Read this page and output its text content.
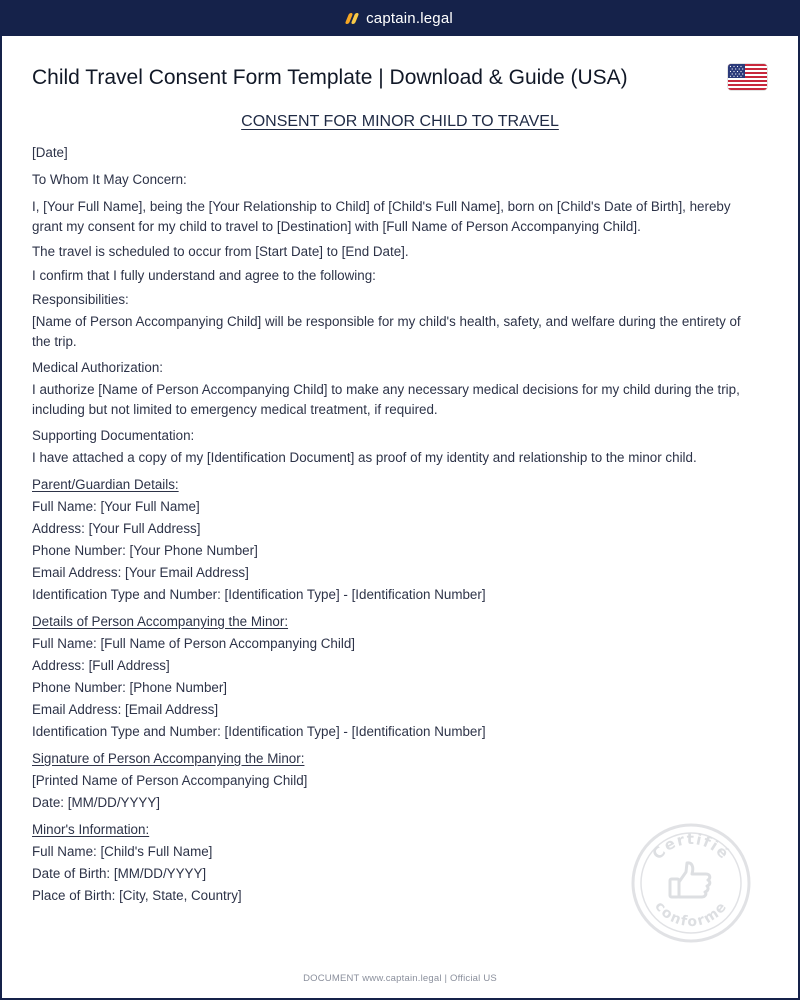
captain.legal
Child Travel Consent Form Template | Download & Guide (USA)
CONSENT FOR MINOR CHILD TO TRAVEL

[Date]

To Whom It May Concern:

I, [Your Full Name], being the [Your Relationship to Child] of [Child's Full Name], born on [Child's Date of Birth], hereby grant my consent for my child to travel to [Destination] with [Full Name of Person Accompanying Child].

The travel is scheduled to occur from [Start Date] to [End Date].

I confirm that I fully understand and agree to the following:

Responsibilities:

[Name of Person Accompanying Child] will be responsible for my child's health, safety, and welfare during the entirety of the trip.

Medical Authorization:

I authorize [Name of Person Accompanying Child] to make any necessary medical decisions for my child during the trip, including but not limited to emergency medical treatment, if required.

Supporting Documentation:

I have attached a copy of my [Identification Document] as proof of my identity and relationship to the minor child.

Parent/Guardian Details:

Full Name: [Your Full Name]

Address: [Your Full Address]

Phone Number: [Your Phone Number]

Email Address: [Your Email Address]

Identification Type and Number: [Identification Type] - [Identification Number]

Details of Person Accompanying the Minor:

Full Name: [Full Name of Person Accompanying Child]

Address: [Full Address]

Phone Number: [Phone Number]

Email Address: [Email Address]

Identification Type and Number: [Identification Type] - [Identification Number]

Signature of Person Accompanying the Minor:

[Printed Name of Person Accompanying Child]

Date: [MM/DD/YYYY]

Minor's Information:

Full Name: [Child's Full Name]

Date of Birth: [MM/DD/YYYY]

Place of Birth: [City, State, Country]

Certifié
conforme
DOCUMENT www.captain.legal | Official US
